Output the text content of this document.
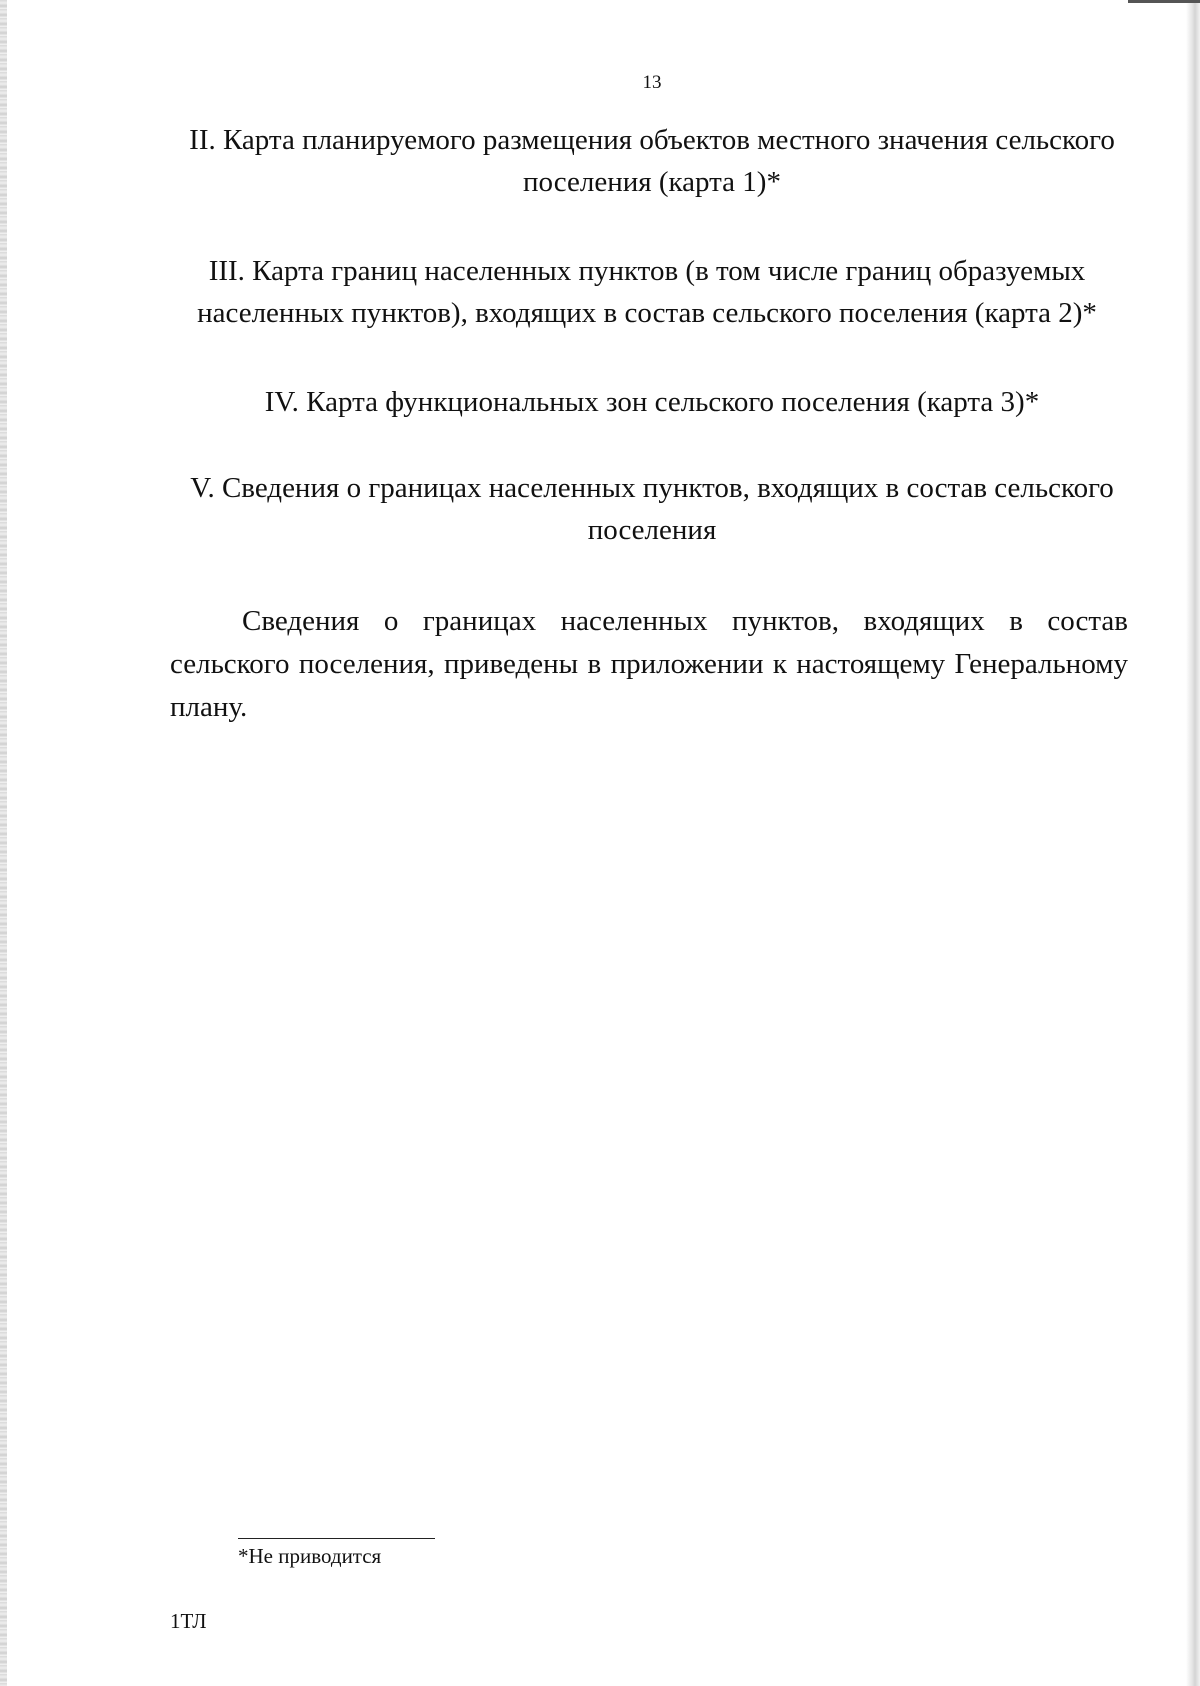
13
II. Карта планируемого размещения объектов местного значения сельского поселения (карта 1)*
III. Карта границ населенных пунктов (в том числе границ образуемых населенных пунктов), входящих в состав сельского поселения (карта 2)*
IV. Карта функциональных зон сельского поселения (карта 3)*
V. Сведения о границах населенных пунктов, входящих в состав сельского поселения

Сведения о границах населенных пунктов, входящих в состав сельского поселения, приведены в приложении к настоящему Генеральному плану.

*Не приводится
1ТЛ
